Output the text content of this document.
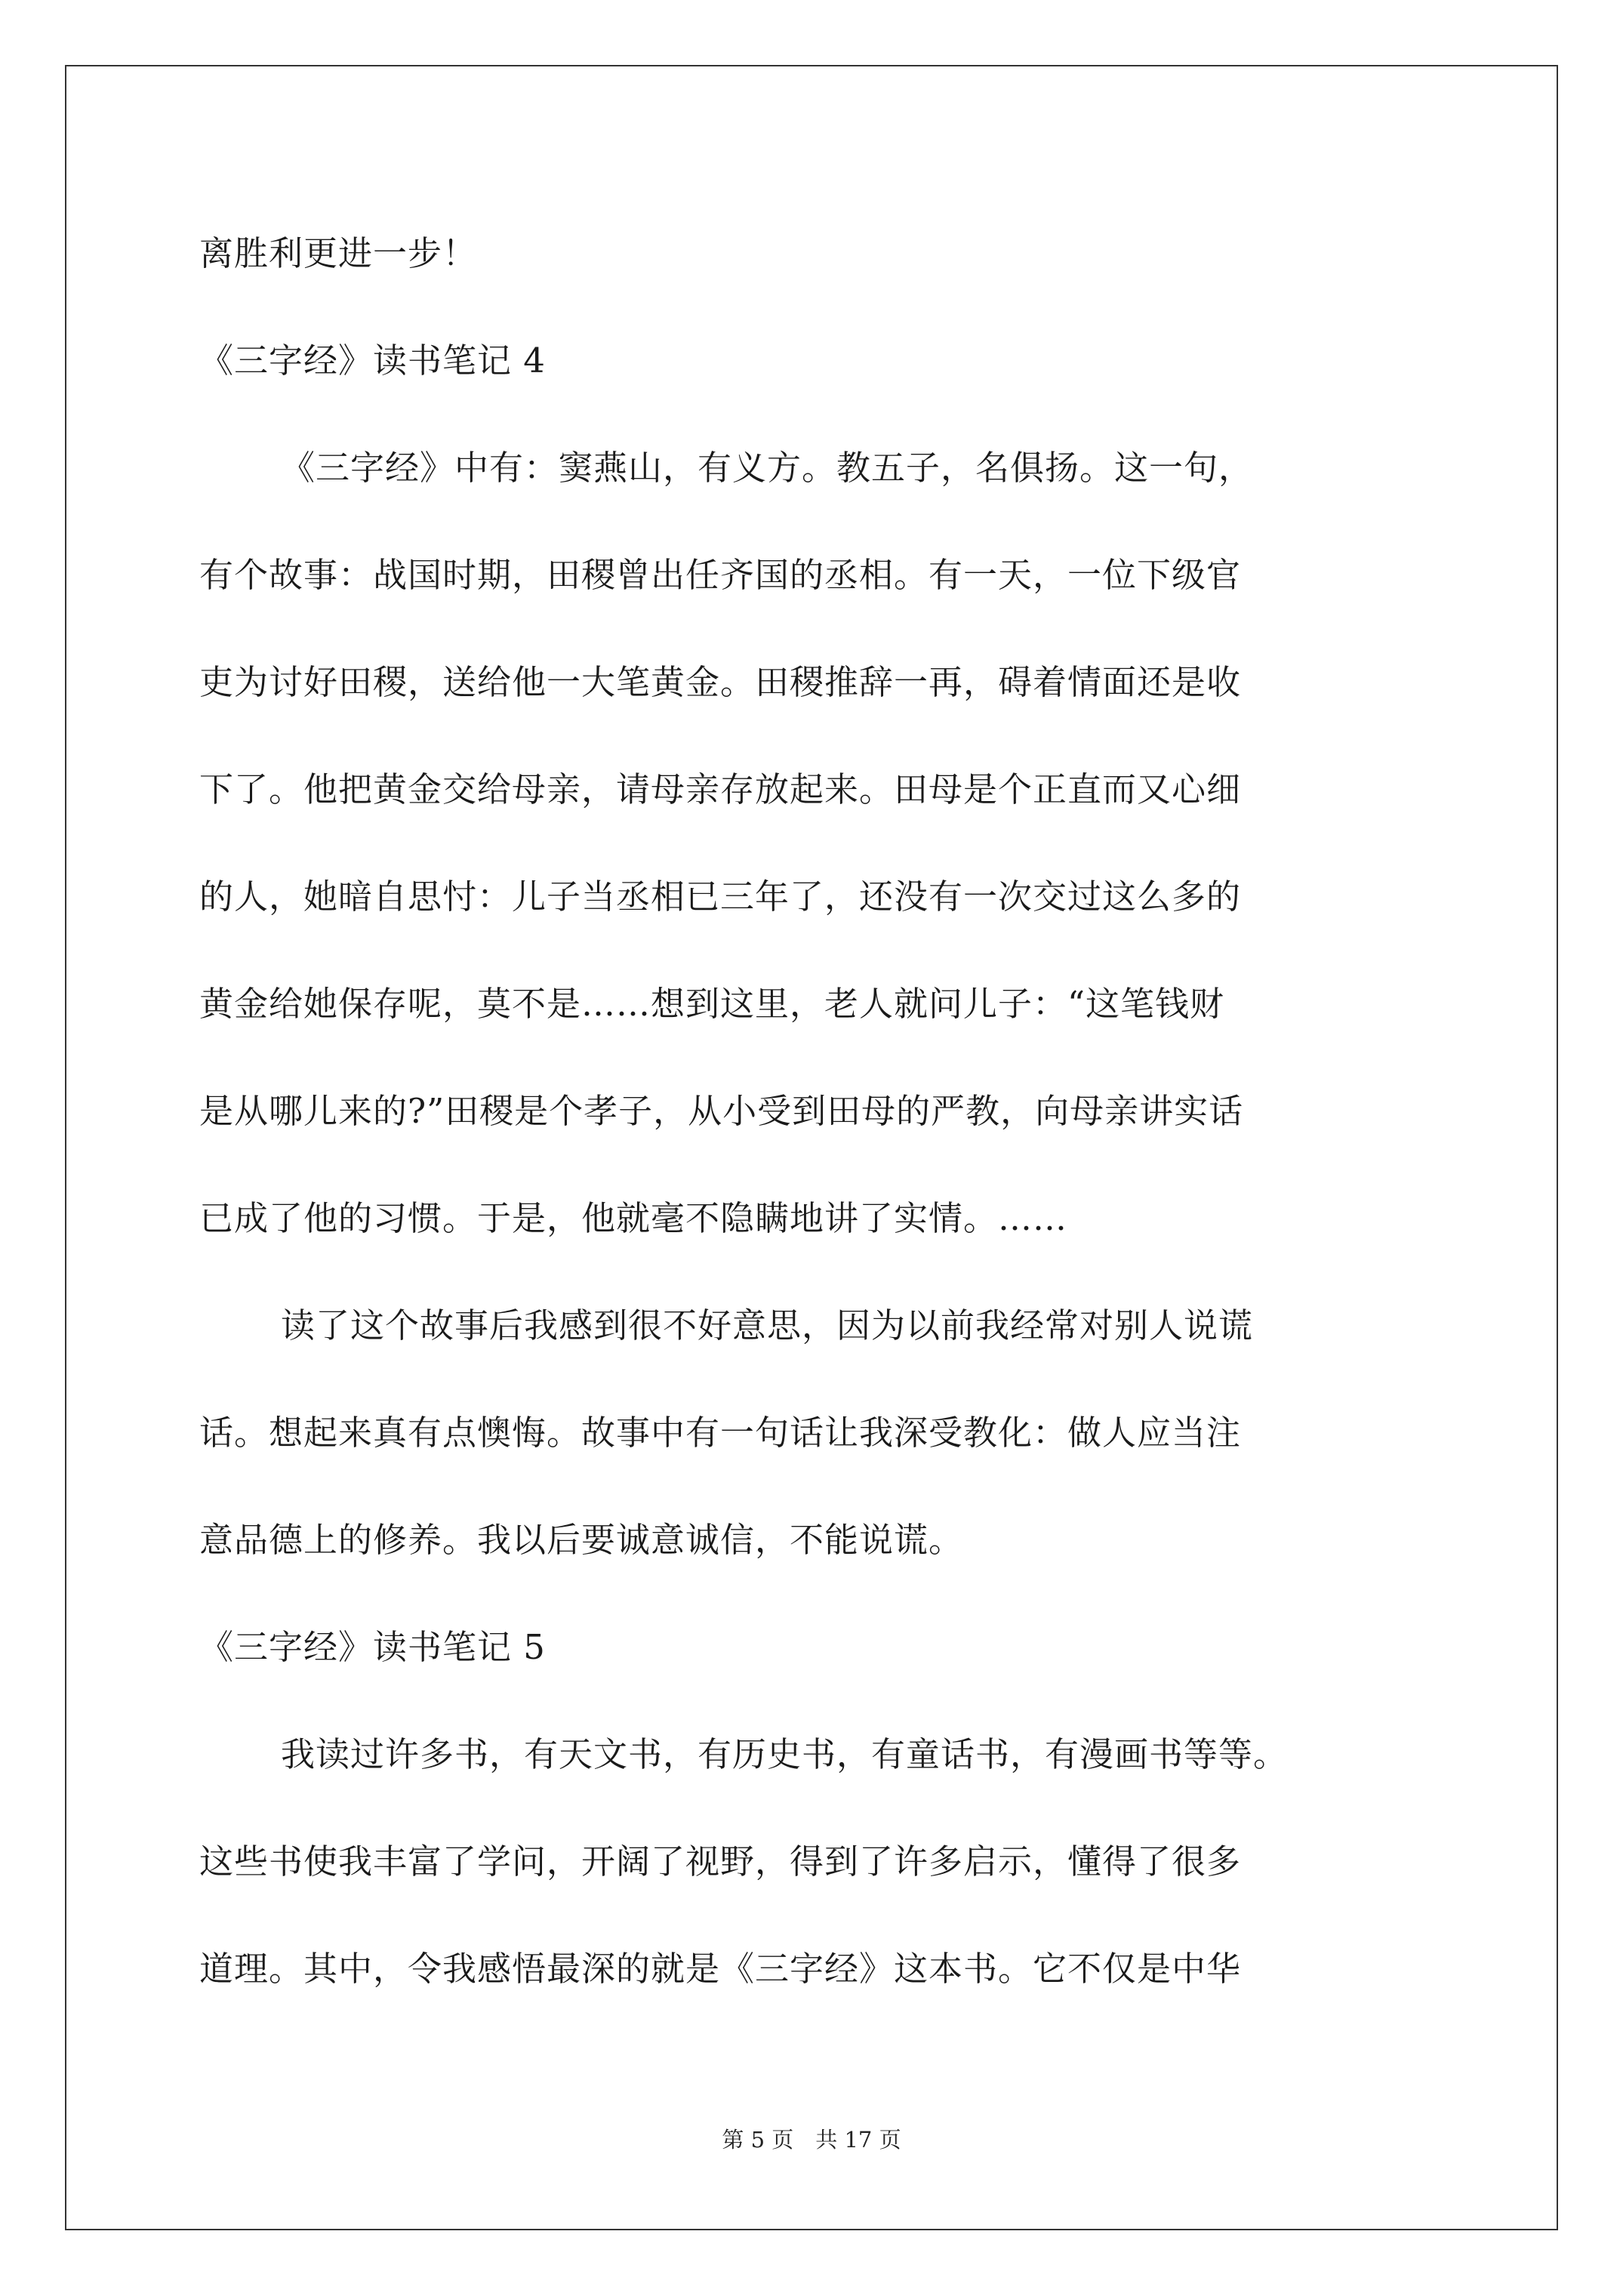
离胜利更进一步！
《三字经》读书笔记 4
《三字经》中有：窦燕山，有义方。教五子，名俱扬。这一句，
有个故事：战国时期，田稷曾出任齐国的丞相。有一天，一位下级官
吏为讨好田稷，送给他一大笔黄金。田稷推辞一再，碍着情面还是收
下了。他把黄金交给母亲，请母亲存放起来。田母是个正直而又心细
的人，她暗自思忖：儿子当丞相已三年了，还没有一次交过这么多的
黄金给她保存呢，莫不是……想到这里，老人就问儿子：“这笔钱财
是从哪儿来的?”田稷是个孝子，从小受到田母的严教，向母亲讲实话
已成了他的习惯。于是，他就毫不隐瞒地讲了实情。……
读了这个故事后我感到很不好意思，因为以前我经常对别人说谎
话。想起来真有点懊悔。故事中有一句话让我深受教化：做人应当注
意品德上的修养。我以后要诚意诚信，不能说谎。
《三字经》读书笔记 5
我读过许多书，有天文书，有历史书，有童话书，有漫画书等等。
这些书使我丰富了学问，开阔了视野，得到了许多启示，懂得了很多
道理。其中，令我感悟最深的就是《三字经》这本书。它不仅是中华
第 5 页　共 17 页
